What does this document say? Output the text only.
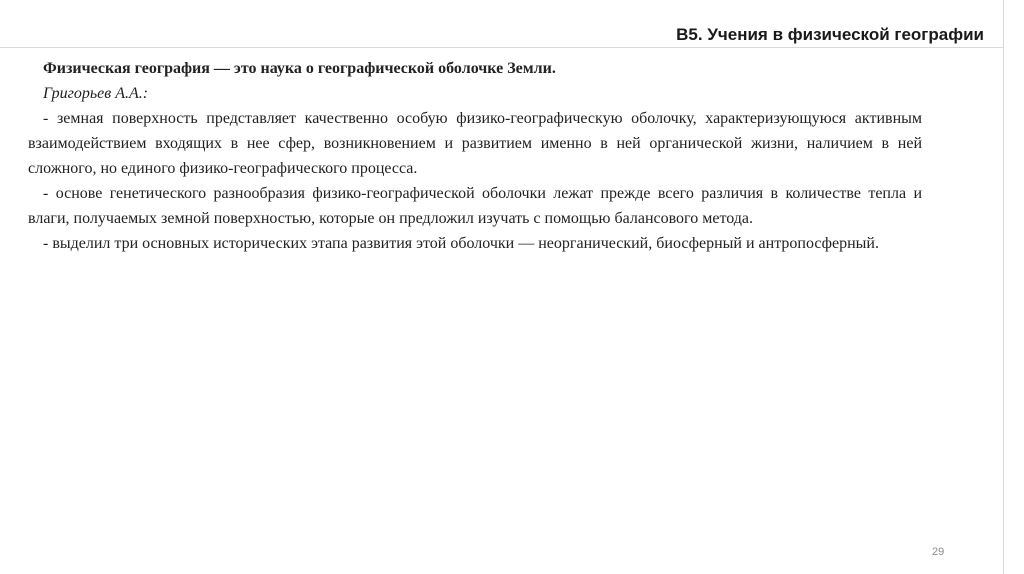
В5. Учения в физической географии

Физическая география — это наука о географической оболочке Земли.

Григорьев А.А.:

- земная поверхность представляет качественно особую физико-географическую оболочку, характеризующуюся активным взаимодействием входящих в нее сфер, возникновением и развитием именно в ней органической жизни, наличием в ней сложного, но единого физико-географического процесса.

- основе генетического разнообразия физико-географической оболочки лежат прежде всего различия в количестве тепла и влаги, получаемых земной поверхностью, которые он предложил изучать с помощью балансового метода.

- выделил три основных исторических этапа развития этой оболочки — неорганический, биосферный и антропосферный.

29
